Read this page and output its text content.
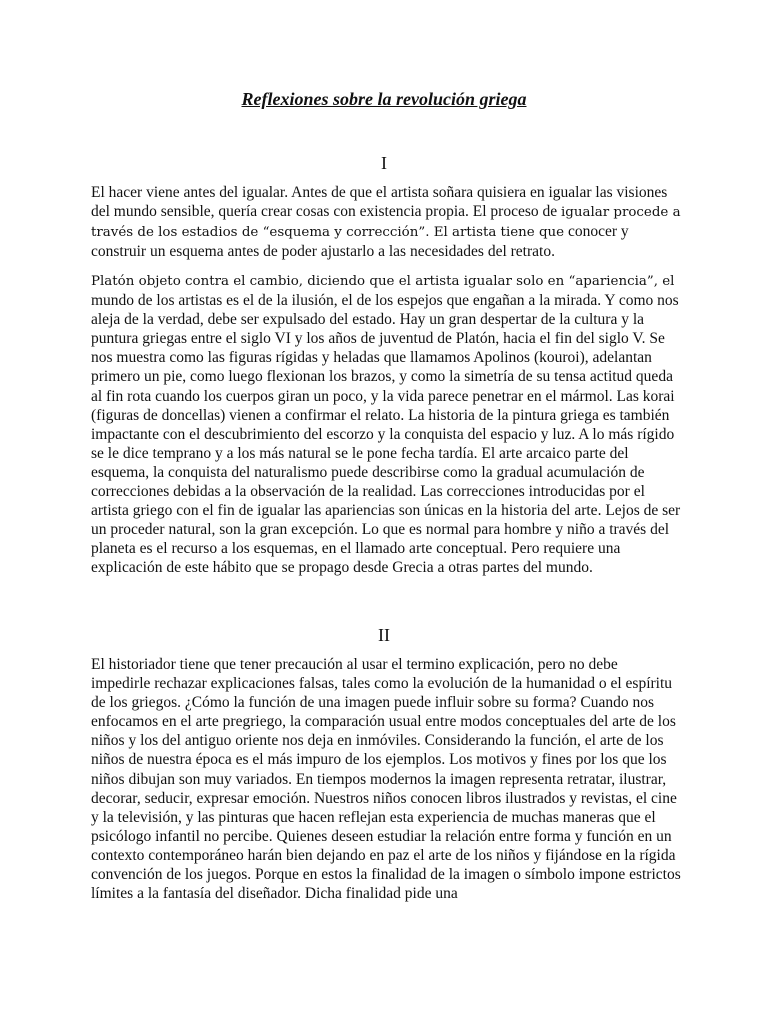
Reflexiones sobre la revolución griega
I

El hacer viene antes del igualar. Antes de que el artista soñara quisiera en igualar las visiones del mundo sensible, quería crear cosas con existencia propia. El proceso de igualar procede a través de los estadios de “esquema y corrección”. El artista tiene que conocer y construir un esquema antes de poder ajustarlo a las necesidades del retrato.

Platón objeto contra el cambio, diciendo que el artista igualar solo en “apariencia”, el mundo de los artistas es el de la ilusión, el de los espejos que engañan a la mirada. Y como nos aleja de la verdad, debe ser expulsado del estado. Hay un gran despertar de la cultura y la puntura griegas entre el siglo VI y los años de juventud de Platón, hacia el fin del siglo V. Se nos muestra como las figuras rígidas y heladas que llamamos Apolinos (kouroi), adelantan primero un pie, como luego flexionan los brazos, y como la simetría de su tensa actitud queda al fin rota cuando los cuerpos giran un poco, y la vida parece penetrar en el mármol. Las korai (figuras de doncellas) vienen a confirmar el relato. La historia de la pintura griega es también impactante con el descubrimiento del escorzo y la conquista del espacio y luz. A lo más rígido se le dice temprano y a los más natural se le pone fecha tardía. El arte arcaico parte del esquema, la conquista del naturalismo puede describirse como la gradual acumulación de correcciones debidas a la observación de la realidad. Las correcciones introducidas por el artista griego con el fin de igualar las apariencias son únicas en la historia del arte. Lejos de ser un proceder natural, son la gran excepción. Lo que es normal para hombre y niño a través del planeta es el recurso a los esquemas, en el llamado arte conceptual. Pero requiere una explicación de este hábito que se propago desde Grecia a otras partes del mundo.

II

El historiador tiene que tener precaución al usar el termino explicación, pero no debe impedirle rechazar explicaciones falsas, tales como la evolución de la humanidad o el espíritu de los griegos. ¿Cómo la función de una imagen puede influir sobre su forma? Cuando nos enfocamos en el arte pregriego, la comparación usual entre modos conceptuales del arte de los niños y los del antiguo oriente nos deja en inmóviles. Considerando la función, el arte de los niños de nuestra época es el más impuro de los ejemplos. Los motivos y fines por los que los niños dibujan son muy variados. En tiempos modernos la imagen representa retratar, ilustrar, decorar, seducir, expresar emoción. Nuestros niños conocen libros ilustrados y revistas, el cine y la televisión, y las pinturas que hacen reflejan esta experiencia de muchas maneras que el psicólogo infantil no percibe. Quienes deseen estudiar la relación entre forma y función en un contexto contemporáneo harán bien dejando en paz el arte de los niños y fijándose en la rígida convención de los juegos. Porque en estos la finalidad de la imagen o símbolo impone estrictos límites a la fantasía del diseñador. Dicha finalidad pide una
